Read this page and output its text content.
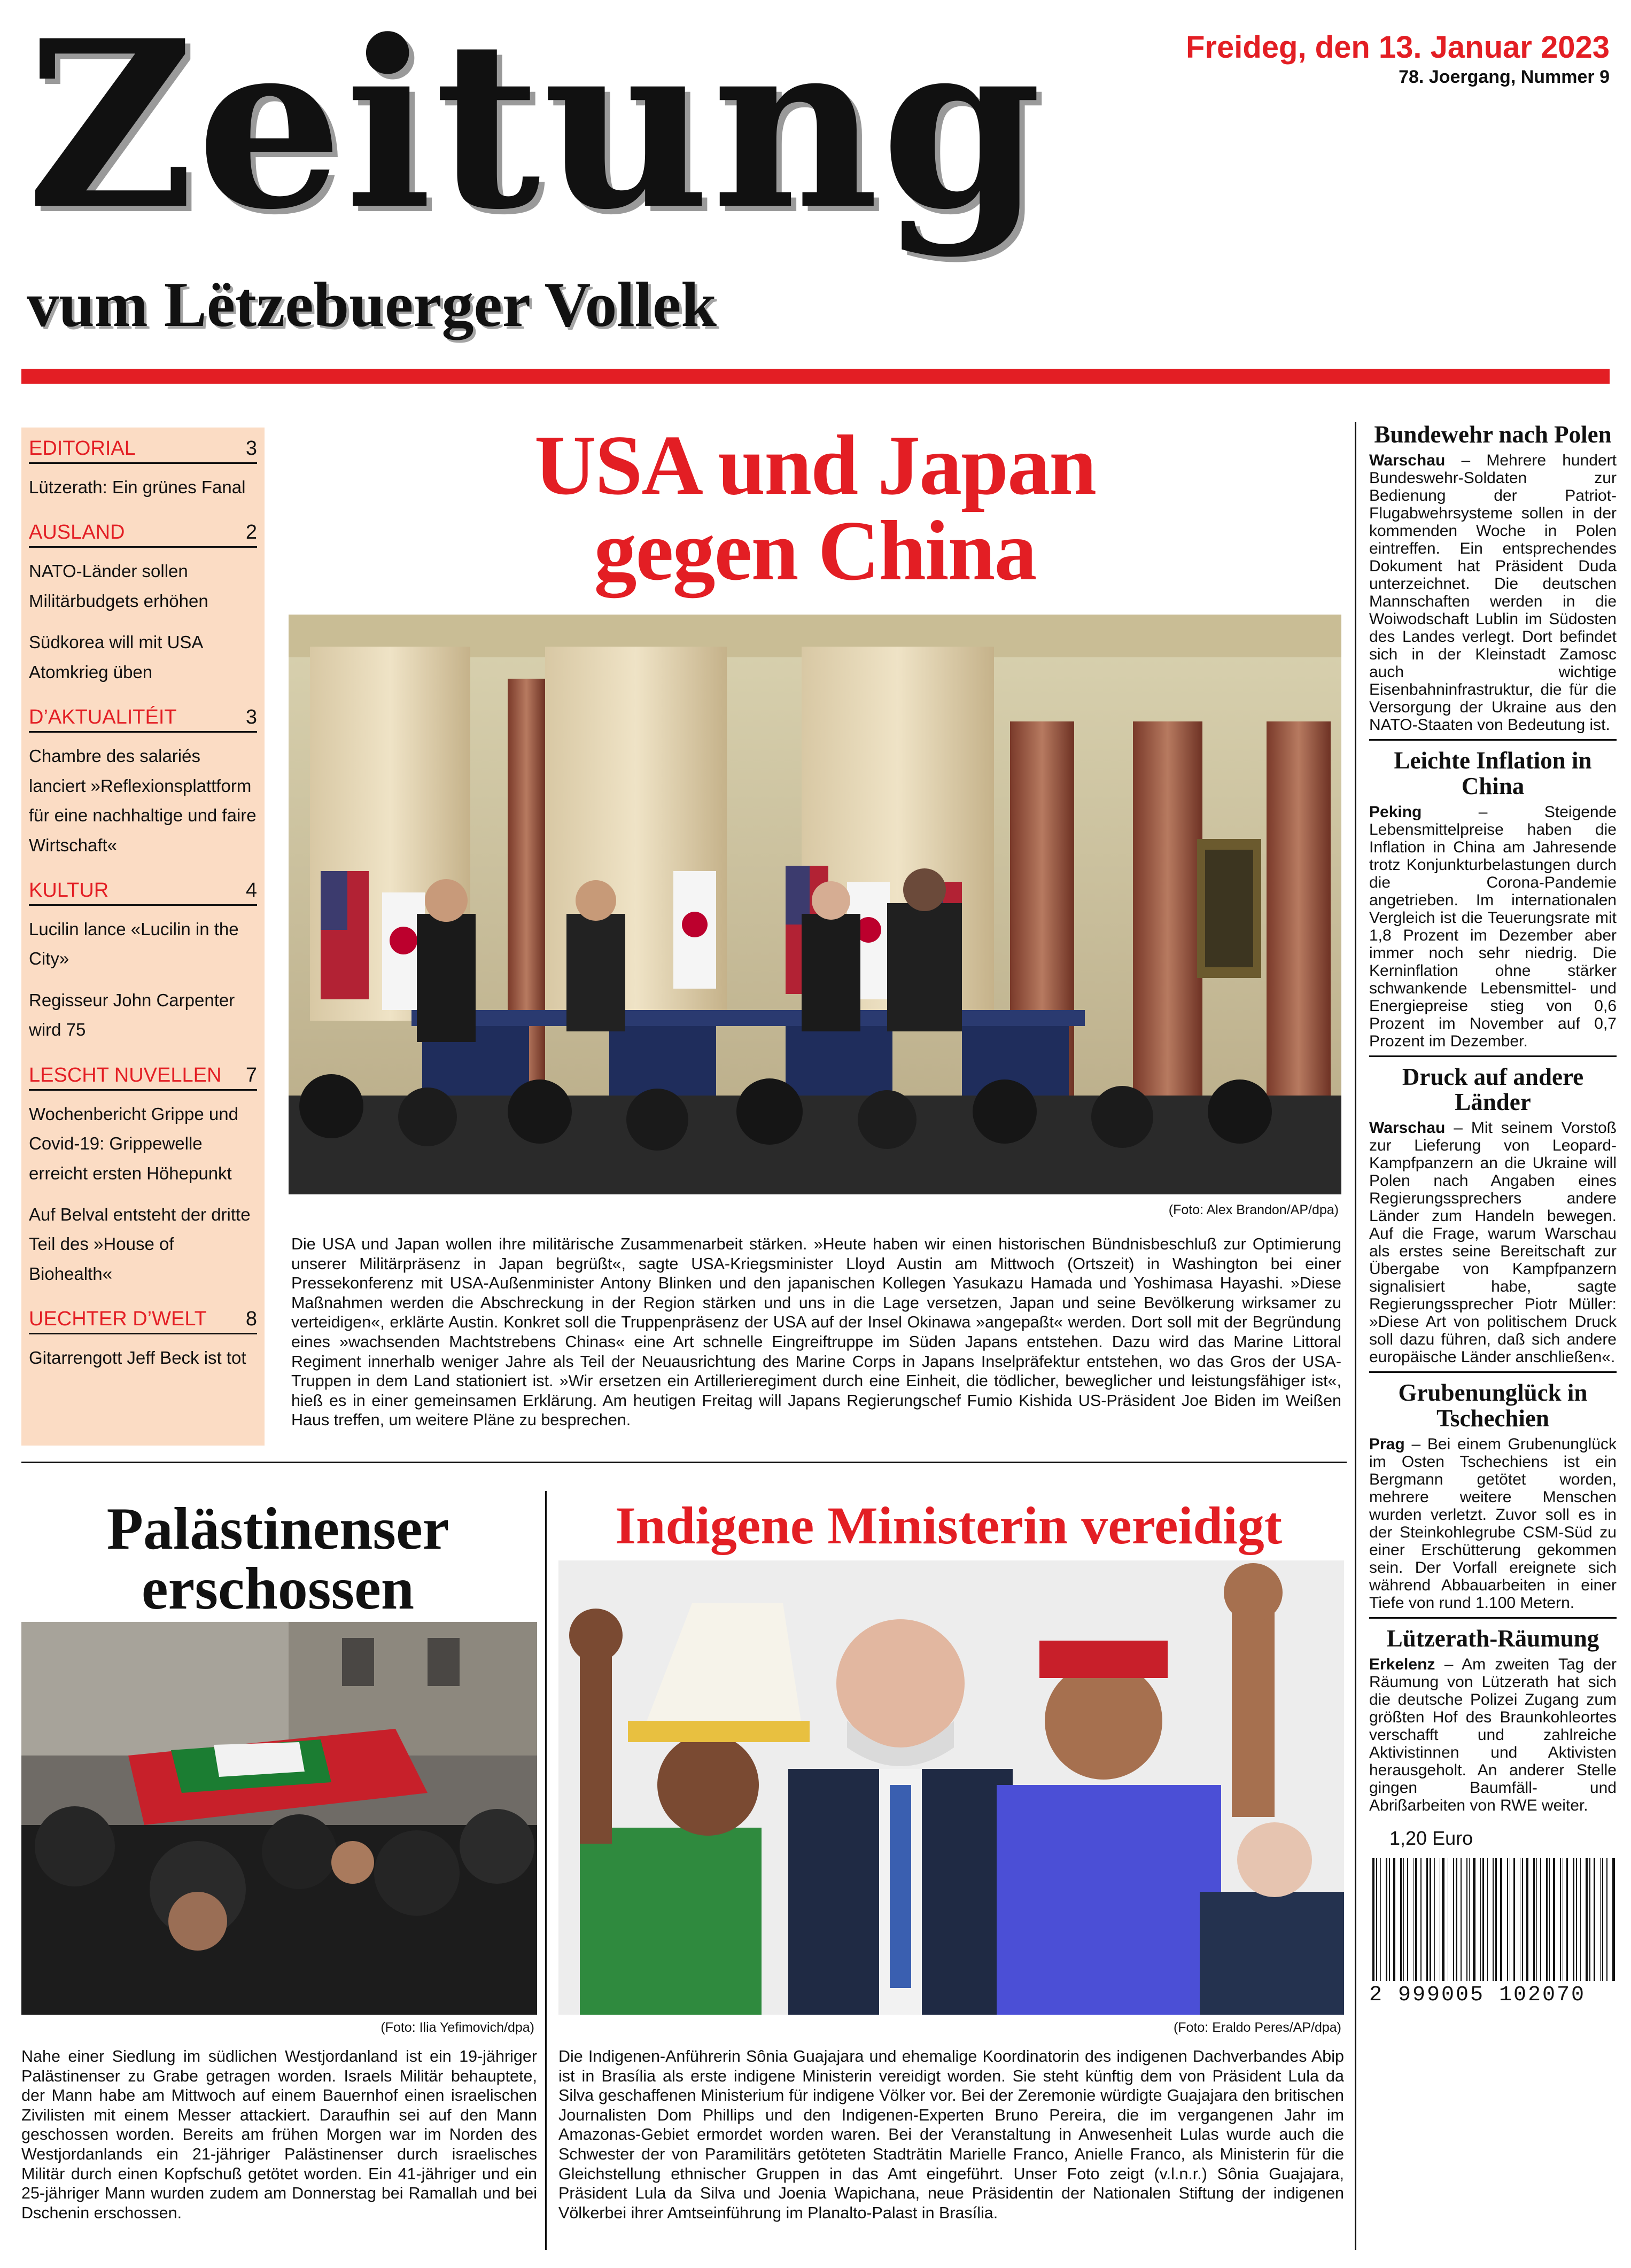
Zeitung
vum Lëtzebuerger Vollek
Freideg, den 13. Januar 2023
78. Joergang, Nummer 9
EDITORIAL	3
Lützerath: Ein grünes Fanal
AUSLAND	2
NATO-Länder sollen Militärbudgets erhöhen
Südkorea will mit USA Atomkrieg üben
D’AKTUALITÉIT	3
Chambre des salariés lanciert »Reflexionsplattform für eine nachhaltige und faire Wirtschaft«
KULTUR	4
Lucilin lance «Lucilin in the City»
Regisseur John Carpenter wird 75
LESCHT NUVELLEN 7
Wochenbericht Grippe und Covid-19: Grippewelle erreicht ersten Höhepunkt
Auf Belval entsteht der dritte Teil des »House of Biohealth«
UECHTER D’WELT 8
Gitarrengott Jeff Beck ist tot
USA und Japan
gegen China
(Foto: Alex Brandon/AP/dpa)
Die USA und Japan wollen ihre militärische Zusammenarbeit stärken. »Heute haben wir einen historischen Bündnisbeschluß zur Optimierung unserer Militärpräsenz in Japan begrüßt«, sagte USA-Kriegsminister Lloyd Austin am Mittwoch (Ortszeit) in Washington bei einer Pressekonferenz mit USA-Außenminister Antony Blinken und den japanischen Kollegen Yasukazu Hamada und Yoshimasa Hayashi. »Diese Maßnahmen werden die Abschreckung in der Region stärken und uns in die Lage versetzen, Japan und seine Bevölkerung wirksamer zu verteidigen«, erklärte Austin. Konkret soll die Truppenpräsenz der USA auf der Insel Okinawa »angepaßt« werden. Dort soll mit der Begründung eines »wachsenden Machtstrebens Chinas« eine Art schnelle Eingreiftruppe im Süden Japans entstehen. Dazu wird das Marine Littoral Regiment innerhalb weniger Jahre als Teil der Neuausrichtung des Marine Corps in Japans Inselpräfektur entstehen, wo das Gros der USA-Truppen in dem Land stationiert ist. »Wir ersetzen ein Artillerieregiment durch eine Einheit, die tödlicher, beweglicher und leistungsfähiger ist«, hieß es in einer gemeinsamen Erklärung. Am heutigen Freitag will Japans Regierungschef Fumio Kishida US-Präsident Joe Biden im Weißen Haus treffen, um weitere Pläne zu besprechen.
Bundewehr nach Polen
Warschau – Mehrere hundert Bundeswehr-Soldaten zur Bedienung der Patriot-Flugabwehrsysteme sollen in der kommenden Woche in Polen eintreffen. Ein entsprechendes Dokument hat Präsident Duda unterzeichnet. Die deutschen Mannschaften werden in die Woiwodschaft Lublin im Südosten des Landes verlegt. Dort befindet sich in der Kleinstadt Zamosc auch wichtige Eisenbahninfrastruktur, die für die Versorgung der Ukraine aus den NATO-Staaten von Bedeutung ist.
Leichte Inflation in China
Peking – Steigende Lebensmittelpreise haben die Inflation in China am Jahresende trotz Konjunkturbelastungen durch die Corona-Pandemie angetrieben. Im internationalen Vergleich ist die Teuerungsrate mit 1,8 Prozent im Dezember aber immer noch sehr niedrig. Die Kerninflation ohne stärker schwankende Lebensmittel- und Energiepreise stieg von 0,6 Prozent im November auf 0,7 Prozent im Dezember.
Druck auf andere Länder
Warschau – Mit seinem Vorstoß zur Lieferung von Leopard-Kampfpanzern an die Ukraine will Polen nach Angaben eines Regierungssprechers andere Länder zum Handeln bewegen. Auf die Frage, warum Warschau als erstes seine Bereitschaft zur Übergabe von Kampfpanzern signalisiert habe, sagte Regierungssprecher Piotr Müller: »Diese Art von politischem Druck soll dazu führen, daß sich andere europäische Länder anschließen«.
Grubenunglück in Tschechien
Prag – Bei einem Grubenunglück im Osten Tschechiens ist ein Bergmann getötet worden, mehrere weitere Menschen wurden verletzt. Zuvor soll es in der Steinkohlegrube CSM-Süd zu einer Erschütterung gekommen sein. Der Vorfall ereignete sich während Abbauarbeiten in einer Tiefe von rund 1.100 Metern.
Lützerath-Räumung
Erkelenz – Am zweiten Tag der Räumung von Lützerath hat sich die deutsche Polizei Zugang zum größten Hof des Braunkohleortes verschafft und zahlreiche Aktivistinnen und Aktivisten herausgeholt. An anderer Stelle gingen Baumfäll- und Abrißarbeiten von RWE weiter.
1,20 Euro
2 999005 102070
Palästinenser
erschossen
(Foto: Ilia Yefimovich/dpa)
Nahe einer Siedlung im südlichen Westjordanland ist ein 19-jähriger Palästinenser zu Grabe getragen worden. Israels Militär behauptete, der Mann habe am Mittwoch auf einem Bauernhof einen israelischen Zivilisten mit einem Messer attackiert. Daraufhin sei auf den Mann geschossen worden. Bereits am frühen Morgen war im Norden des Westjordanlands ein 21-jähriger Palästinenser durch israelisches Militär durch einen Kopfschuß getötet worden. Ein 41-jähriger und ein 25-jähriger Mann wurden zudem am Donnerstag bei Ramallah und bei Dschenin erschossen.
Indigene Ministerin vereidigt
(Foto: Eraldo Peres/AP/dpa)
Die Indigenen-Anführerin Sônia Guajajara und ehemalige Koordinatorin des indigenen Dachverbandes Abip ist in Brasília als erste indigene Ministerin vereidigt worden. Sie steht künftig dem von Präsident Lula da Silva geschaffenen Ministerium für indigene Völker vor. Bei der Zeremonie würdigte Guajajara den britischen Journalisten Dom Phillips und den Indigenen-Experten Bruno Pereira, die im vergangenen Jahr im Amazonas-Gebiet ermordet worden waren. Bei der Veranstaltung in Anwesenheit Lulas wurde auch die Schwester der von Paramilitärs getöteten Stadträtin Marielle Franco, Anielle Franco, als Ministerin für die Gleichstellung ethnischer Gruppen in das Amt eingeführt. Unser Foto zeigt (v.l.n.r.) Sônia Guajajara, Präsident Lula da Silva und Joenia Wapichana, neue Präsidentin der Nationalen Stiftung der indigenen Völkerbei ihrer Amtseinführung im Planalto-Palast in Brasília.
